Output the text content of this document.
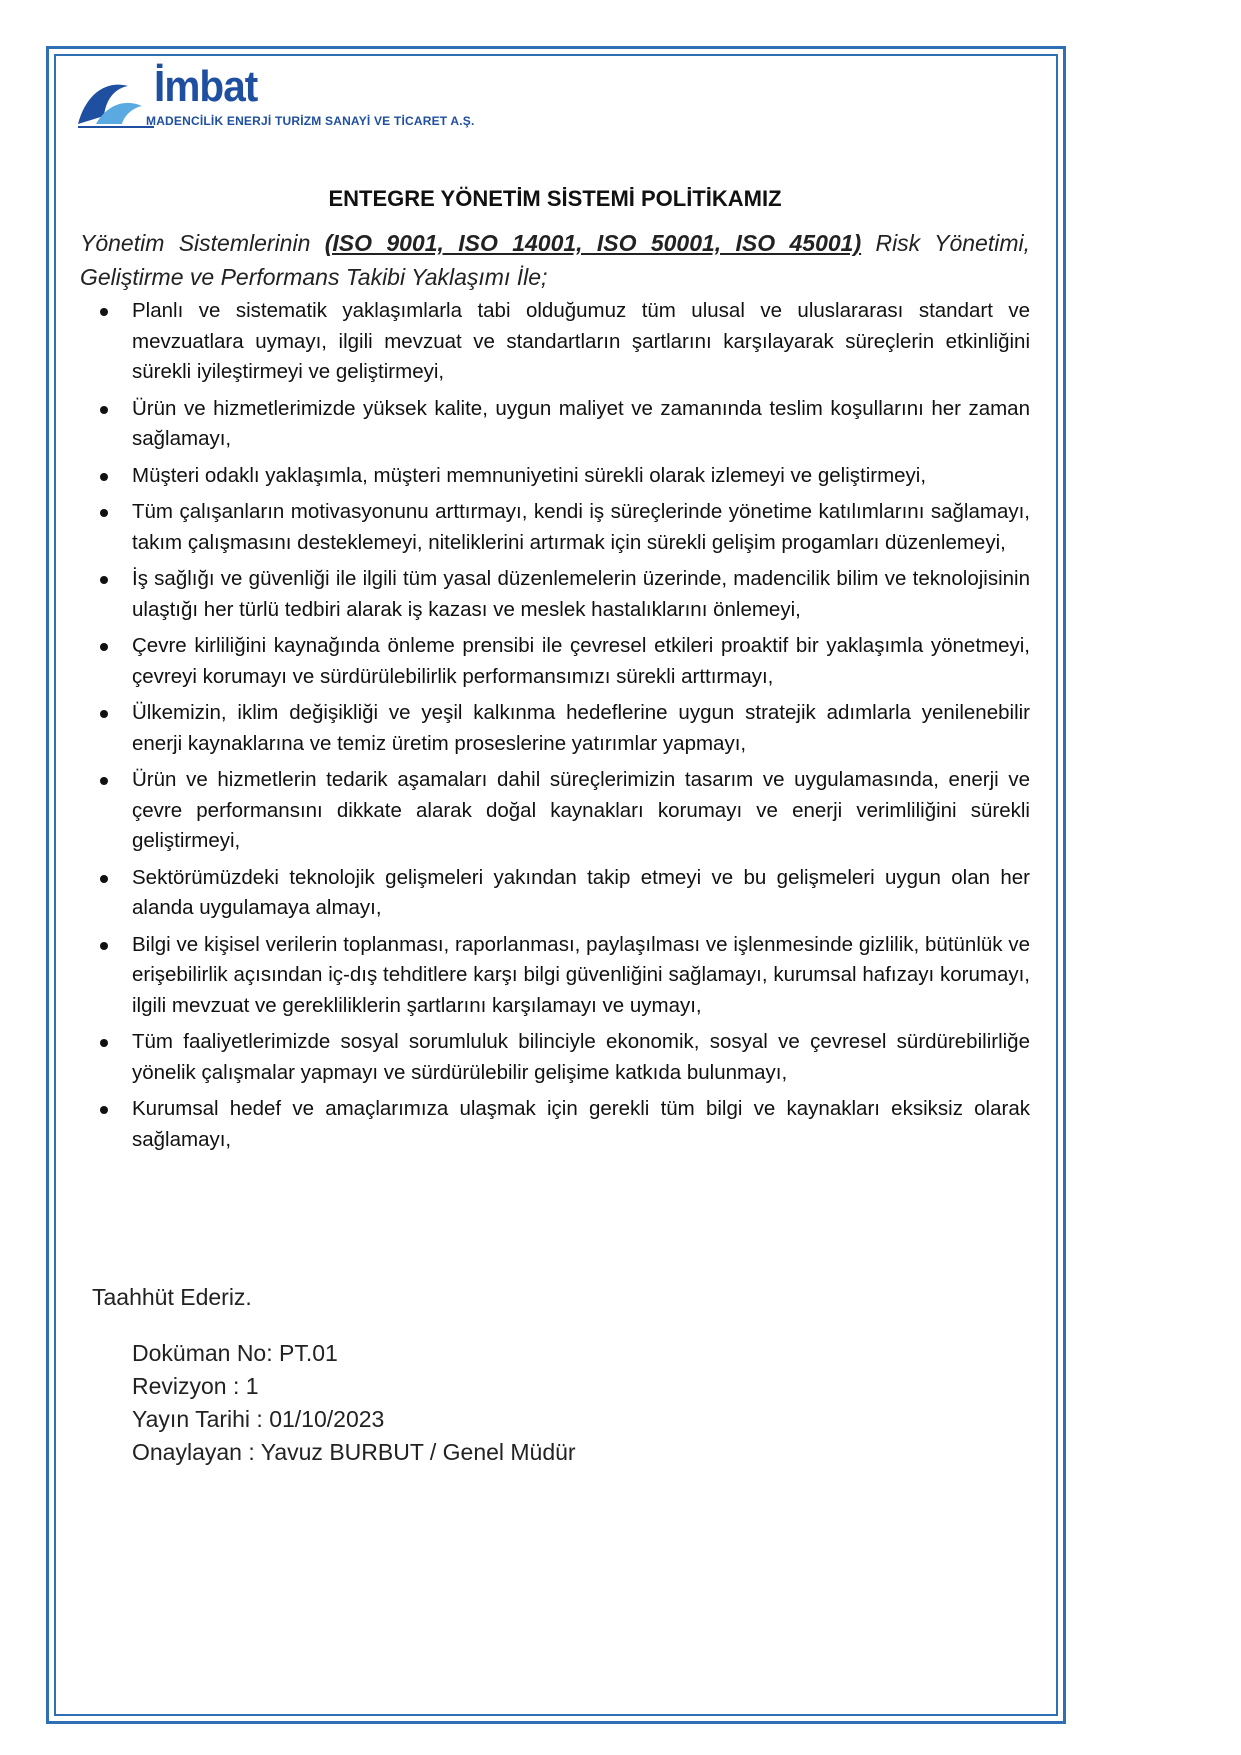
İmbat
MADENCİLİK ENERJİ TURİZM SANAYİ VE TİCARET A.Ş.
ENTEGRE YÖNETİM SİSTEMİ POLİTİKAMIZ

Yönetim Sistemlerinin (ISO 9001, ISO 14001, ISO 50001, ISO 45001) Risk Yönetimi, Geliştirme ve Performans Takibi Yaklaşımı İle;

Planlı ve sistematik yaklaşımlarla tabi olduğumuz tüm ulusal ve uluslararası standart ve mevzuatlara uymayı, ilgili mevzuat ve standartların şartlarını karşılayarak süreçlerin etkinliğini sürekli iyileştirmeyi ve geliştirmeyi,
Ürün ve hizmetlerimizde yüksek kalite, uygun maliyet ve zamanında teslim koşullarını her zaman sağlamayı,
Müşteri odaklı yaklaşımla, müşteri memnuniyetini sürekli olarak izlemeyi ve geliştirmeyi,
Tüm çalışanların motivasyonunu arttırmayı, kendi iş süreçlerinde yönetime katılımlarını sağlamayı, takım çalışmasını desteklemeyi, niteliklerini artırmak için sürekli gelişim progamları düzenlemeyi,
İş sağlığı ve güvenliği ile ilgili tüm yasal düzenlemelerin üzerinde, madencilik bilim ve teknolojisinin ulaştığı her türlü tedbiri alarak iş kazası ve meslek hastalıklarını önlemeyi,
Çevre kirliliğini kaynağında önleme prensibi ile çevresel etkileri proaktif bir yaklaşımla yönetmeyi, çevreyi korumayı ve sürdürülebilirlik performansımızı sürekli arttırmayı,
Ülkemizin, iklim değişikliği ve yeşil kalkınma hedeflerine uygun stratejik adımlarla yenilenebilir enerji kaynaklarına ve temiz üretim proseslerine yatırımlar yapmayı,
Ürün ve hizmetlerin tedarik aşamaları dahil süreçlerimizin tasarım ve uygulamasında, enerji ve çevre performansını dikkate alarak doğal kaynakları korumayı ve enerji verimliliğini sürekli geliştirmeyi,
Sektörümüzdeki teknolojik gelişmeleri yakından takip etmeyi ve bu gelişmeleri uygun olan her alanda uygulamaya almayı,
Bilgi ve kişisel verilerin toplanması, raporlanması, paylaşılması ve işlenmesinde gizlilik, bütünlük ve erişebilirlik açısından iç-dış tehditlere karşı bilgi güvenliğini sağlamayı, kurumsal hafızayı korumayı, ilgili mevzuat ve gerekliliklerin şartlarını karşılamayı ve uymayı,
Tüm faaliyetlerimizde sosyal sorumluluk bilinciyle ekonomik, sosyal ve çevresel sürdürebilirliğe yönelik çalışmalar yapmayı ve sürdürülebilir gelişime katkıda bulunmayı,
Kurumsal hedef ve amaçlarımıza ulaşmak için gerekli tüm bilgi ve kaynakları eksiksiz olarak sağlamayı,
Taahhüt Ederiz.
Doküman No: PT.01
Revizyon : 1
Yayın Tarihi : 01/10/2023
Onaylayan : Yavuz BURBUT / Genel Müdür
